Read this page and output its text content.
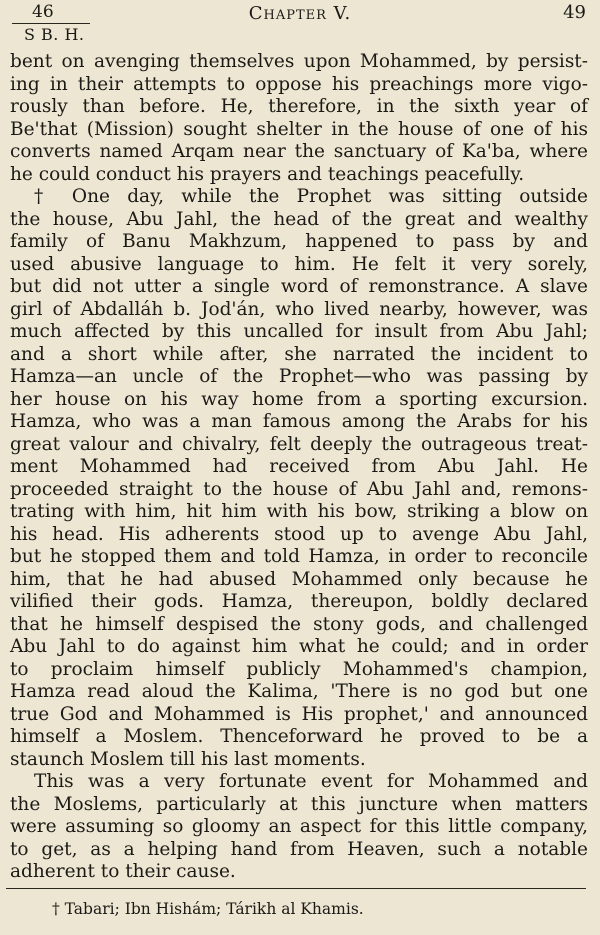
46
S B. H.
Chapter V.	49

bent on avenging themselves upon Mohammed, by persist-

ing in their attempts to oppose his preachings more vigo-

rously than before. He, therefore, in the sixth year of

Be'that (Mission) sought shelter in the house of one of his

converts named Arqam near the sanctuary of Ka'ba, where

he could conduct his prayers and teachings peacefully.

† One day, while the Prophet was sitting outside

the house, Abu Jahl, the head of the great and wealthy

family of Banu Makhzum, happened to pass by and

used abusive language to him. He felt it very sorely,

but did not utter a single word of remonstrance. A slave

girl of Abdalláh b. Jod'án, who lived nearby, however, was

much affected by this uncalled for insult from Abu Jahl;

and a short while after, she narrated the incident to

Hamza—an uncle of the Prophet—who was passing by

her house on his way home from a sporting excursion.

Hamza, who was a man famous among the Arabs for his

great valour and chivalry, felt deeply the outrageous treat-

ment Mohammed had received from Abu Jahl. He

proceeded straight to the house of Abu Jahl and, remons-

trating with him, hit him with his bow, striking a blow on

his head. His adherents stood up to avenge Abu Jahl,

but he stopped them and told Hamza, in order to reconcile

him, that he had abused Mohammed only because he

vilified their gods. Hamza, thereupon, boldly declared

that he himself despised the stony gods, and challenged

Abu Jahl to do against him what he could; and in order

to proclaim himself publicly Mohammed's champion,

Hamza read aloud the Kalima, 'There is no god but one

true God and Mohammed is His prophet,' and announced

himself a Moslem. Thenceforward he proved to be a

staunch Moslem till his last moments.

This was a very fortunate event for Mohammed and

the Moslems, particularly at this juncture when matters

were assuming so gloomy an aspect for this little company,

to get, as a helping hand from Heaven, such a notable

adherent to their cause.

† Tabari; Ibn Hishám; Tárikh al Khamis.
